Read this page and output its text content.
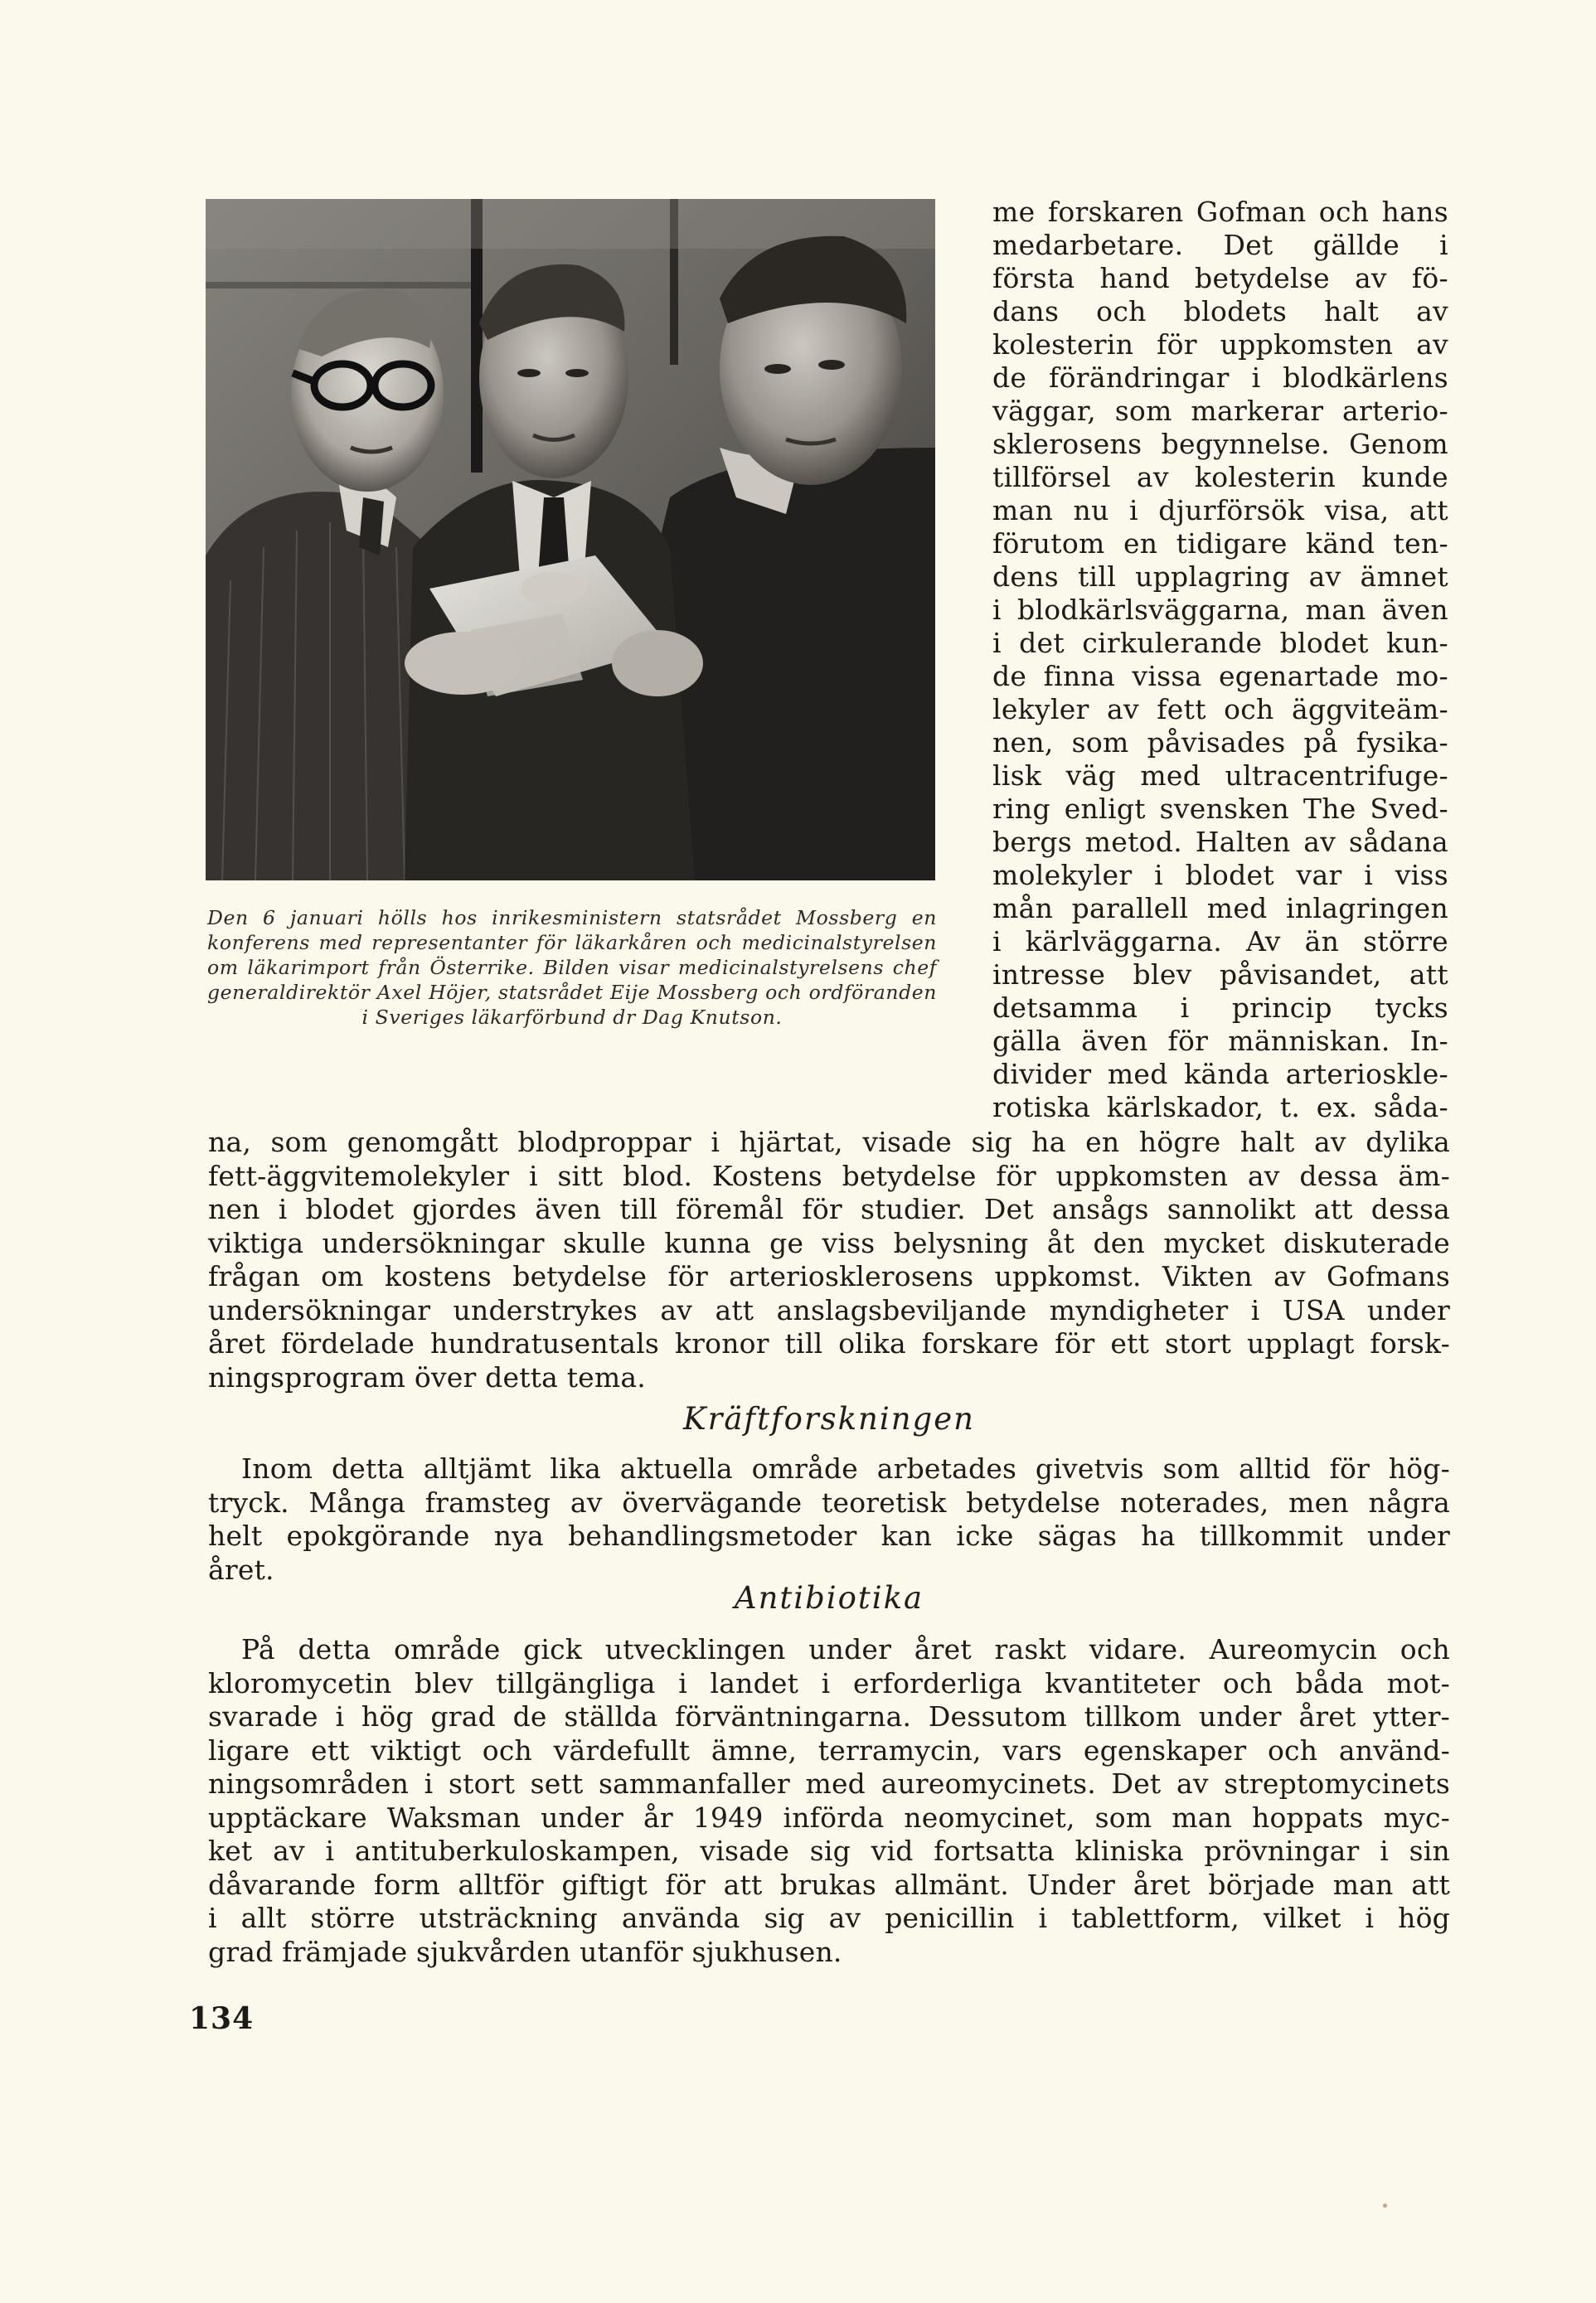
Den 6 januari hölls hos inrikesministern statsrådet Mossberg en konferens med representanter för läkarkåren och medicinalstyrelsen om läkarimport från Österrike. Bilden visar medicinalstyrelsens chef generaldirektör Axel Höjer, statsrådet Eije Mossberg och ordföranden i Sveriges läkarförbund dr Dag Knutson.
me forskaren Gofman och hans
medarbetare. Det gällde i
första hand betydelse av fö-
dans och blodets halt av
kolesterin för uppkomsten av
de förändringar i blodkärlens
väggar, som markerar arterio-
sklerosens begynnelse. Genom
tillförsel av kolesterin kunde
man nu i djurförsök visa, att
förutom en tidigare känd ten-
dens till upplagring av ämnet
i blodkärlsväggarna, man även
i det cirkulerande blodet kun-
de finna vissa egenartade mo-
lekyler av fett och äggviteäm-
nen, som påvisades på fysika-
lisk väg med ultracentrifuge-
ring enligt svensken The Sved-
bergs metod. Halten av sådana
molekyler i blodet var i viss
mån parallell med inlagringen
i kärlväggarna. Av än större
intresse blev påvisandet, att
detsamma i princip tycks
gälla även för människan. In-
divider med kända arterioskle-
rotiska kärlskador, t. ex. såda-
na, som genomgått blodproppar i hjärtat, visade sig ha en högre halt av dylika
fett-äggvitemolekyler i sitt blod. Kostens betydelse för uppkomsten av dessa äm-
nen i blodet gjordes även till föremål för studier. Det ansågs sannolikt att dessa
viktiga undersökningar skulle kunna ge viss belysning åt den mycket diskuterade
frågan om kostens betydelse för arteriosklerosens uppkomst. Vikten av Gofmans
undersökningar understrykes av att anslagsbeviljande myndigheter i USA under
året fördelade hundratusentals kronor till olika forskare för ett stort upplagt forsk-
ningsprogram över detta tema.
Kräftforskningen
Inom detta alltjämt lika aktuella område arbetades givetvis som alltid för hög-
tryck. Många framsteg av övervägande teoretisk betydelse noterades, men några
helt epokgörande nya behandlingsmetoder kan icke sägas ha tillkommit under
året.
Antibiotika
På detta område gick utvecklingen under året raskt vidare. Aureomycin och
kloromycetin blev tillgängliga i landet i erforderliga kvantiteter och båda mot-
svarade i hög grad de ställda förväntningarna. Dessutom tillkom under året ytter-
ligare ett viktigt och värdefullt ämne, terramycin, vars egenskaper och använd-
ningsområden i stort sett sammanfaller med aureomycinets. Det av streptomycinets
upptäckare Waksman under år 1949 införda neomycinet, som man hoppats myc-
ket av i antituberkuloskampen, visade sig vid fortsatta kliniska prövningar i sin
dåvarande form alltför giftigt för att brukas allmänt. Under året började man att
i allt större utsträckning använda sig av penicillin i tablettform, vilket i hög
grad främjade sjukvården utanför sjukhusen.
134
